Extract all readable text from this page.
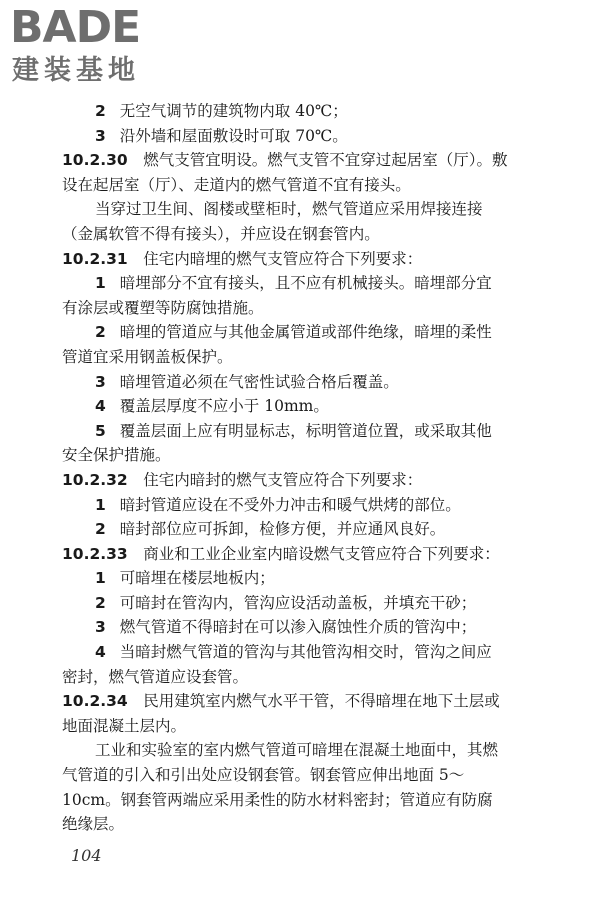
BADE
建装基地
2 无空气调节的建筑物内取 40℃；
3 沿外墙和屋面敷设时可取 70℃。
10.2.30　 燃气支管宜明设。燃气支管不宜穿过起居室（厅）。敷
设在起居室（厅）、走道内的燃气管道不宜有接头。
当穿过卫生间、阁楼或壁柜时，燃气管道应采用焊接连接
（金属软管不得有接头），并应设在钢套管内。
10.2.31　 住宅内暗埋的燃气支管应符合下列要求：
1 暗埋部分不宜有接头，且不应有机械接头。暗埋部分宜
有涂层或覆塑等防腐蚀措施。
2 暗埋的管道应与其他金属管道或部件绝缘，暗埋的柔性
管道宜采用钢盖板保护。
3 暗埋管道必须在气密性试验合格后覆盖。
4 覆盖层厚度不应小于 10mm。
5 覆盖层面上应有明显标志，标明管道位置，或采取其他
安全保护措施。
10.2.32　 住宅内暗封的燃气支管应符合下列要求：
1 暗封管道应设在不受外力冲击和暖气烘烤的部位。
2 暗封部位应可拆卸，检修方便，并应通风良好。
10.2.33　 商业和工业企业室内暗设燃气支管应符合下列要求：
1 可暗埋在楼层地板内；
2 可暗封在管沟内，管沟应设活动盖板，并填充干砂；
3 燃气管道不得暗封在可以渗入腐蚀性介质的管沟中；
4 当暗封燃气管道的管沟与其他管沟相交时，管沟之间应
密封，燃气管道应设套管。
10.2.34　 民用建筑室内燃气水平干管，不得暗埋在地下土层或
地面混凝土层内。
工业和实验室的室内燃气管道可暗埋在混凝土地面中，其燃
气管道的引入和引出处应设钢套管。钢套管应伸出地面 5～
10cm。钢套管两端应采用柔性的防水材料密封；管道应有防腐
绝缘层。
104
